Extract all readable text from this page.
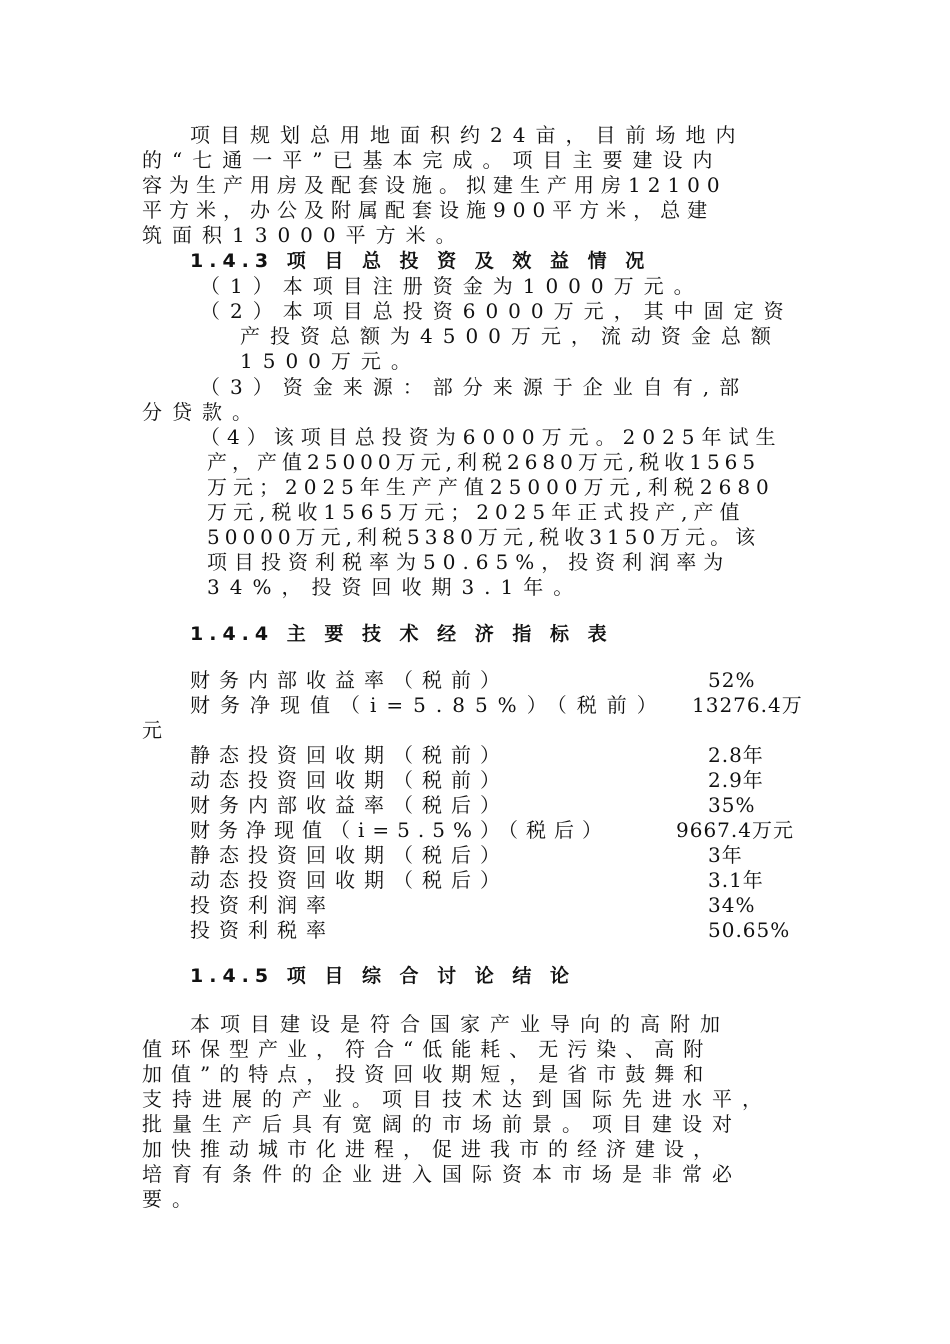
项目规划总用地面积约24亩，目前场地内
的“七通一平”已基本完成。项目主要建设内
容为生产用房及配套设施。拟建生产用房12100
平方米，办公及附属配套设施900平方米，总建
筑面积13000平方米。
1.4.3 项 目 总 投 资 及 效 益 情 况
（1）本项目注册资金为1000万元。
（2）本项目总投资6000万元，其中固定资
产投资总额为4500万元，流动资金总额
1500万元。
（3）资金来源：部分来源于企业自有,部
分贷款。
（4）该项目总投资为6000万元。2025年试生
产，产值25000万元,利税2680万元,税收1565
万元；2025年生产产值25000万元,利税2680
万元,税收1565万元；2025年正式投产,产值
50000万元,利税5380万元,税收3150万元。该
项目投资利税率为50.65%，投资利润率为
34%，投资回收期3.1年。
1.4.4 主 要 技 术 经 济 指 标 表
财务内部收益率（税前）	52%
财务净现值（i=5.85%）（税前） 13276.4万
元
静态投资回收期（税前）	2.8年
动态投资回收期（税前）	2.9年
财务内部收益率（税后）	35%
财务净现值（i=5.5%）（税后）	9667.4万元
静态投资回收期（税后）	3年
动态投资回收期（税后）	3.1年
投资利润率	34%
投资利税率	50.65%
1.4.5 项 目 综 合 讨 论 结 论
本项目建设是符合国家产业导向的高附加
值环保型产业，符合“低能耗、无污染、高附
加值”的特点，投资回收期短，是省市鼓舞和
支持进展的产业。项目技术达到国际先进水平，
批量生产后具有宽阔的市场前景。项目建设对
加快推动城市化进程，促进我市的经济建设，
培育有条件的企业进入国际资本市场是非常必
要。
